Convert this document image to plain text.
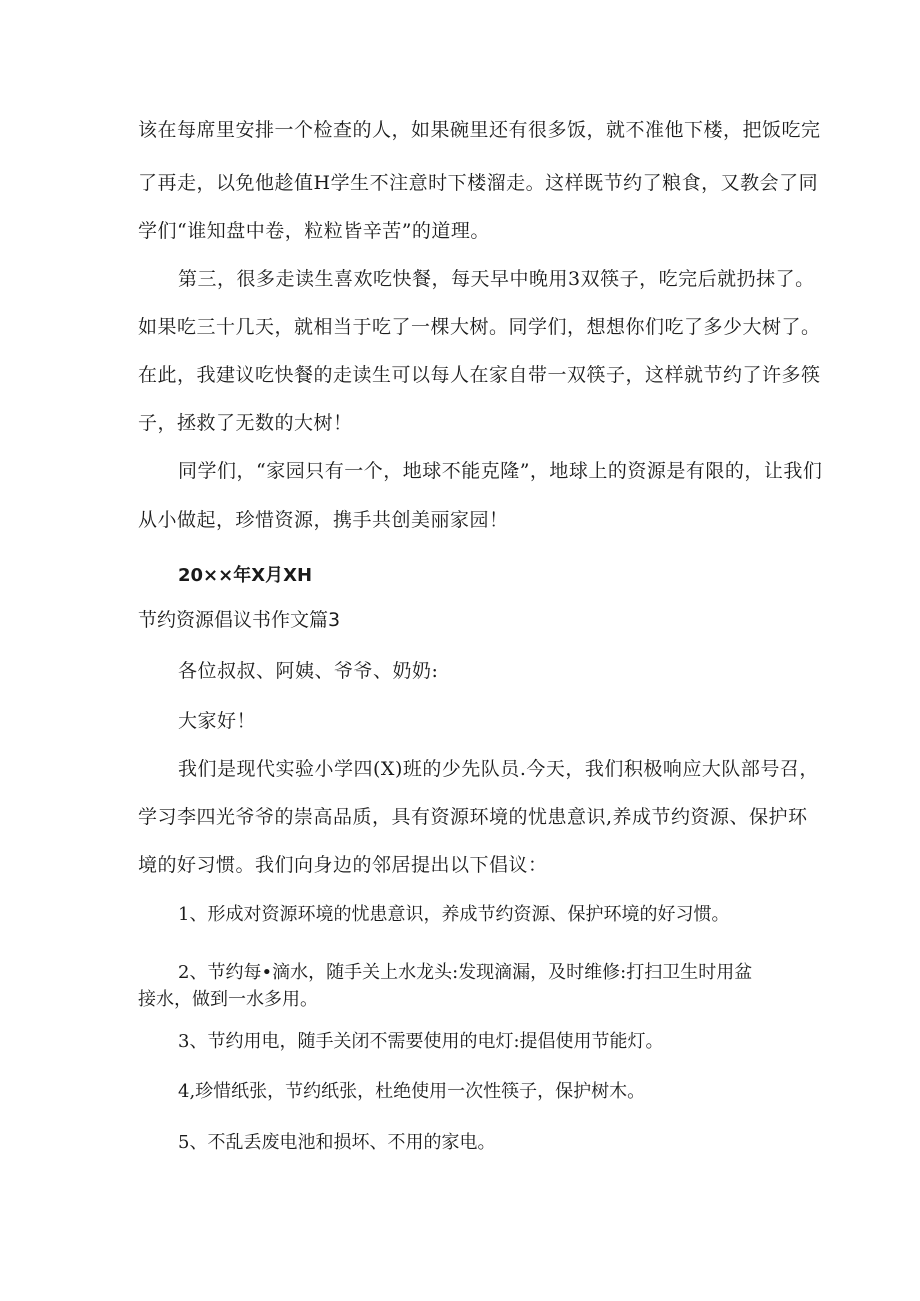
该在每席里安排一个检查的人，如果碗里还有很多饭，就不准他下楼，把饭吃完
了再走，以免他趁值H学生不注意时下楼溜走。这样既节约了粮食，又教会了同
学们“谁知盘中卷，粒粒皆辛苦”的道理。
第三，很多走读生喜欢吃快餐，每天早中晚用3双筷子，吃完后就扔抹了。
如果吃三十几天，就相当于吃了一棵大树。同学们，想想你们吃了多少大树了。
在此，我建议吃快餐的走读生可以每人在家自带一双筷子，这样就节约了许多筷
子，拯救了无数的大树！
同学们，“家园只有一个，地球不能克隆”，地球上的资源是有限的，让我们
从小做起，珍惜资源，携手共创美丽家园！
20××年X月XH
节约资源倡议书作文篇3
各位叔叔、阿姨、爷爷、奶奶:
大家好！
我们是现代实验小学四(X)班的少先队员.今天，我们积极响应大队部号召，
学习李四光爷爷的崇高品质，具有资源环境的忧患意识,养成节约资源、保护环
境的好习惯。我们向身边的邻居提出以下倡议：
1、形成对资源环境的忧患意识，养成节约资源、保护环境的好习惯。
2、节约每•滴水，随手关上水龙头:发现滴漏，及时维修:打扫卫生时用盆
接水，做到一水多用。
3、节约用电，随手关闭不需要使用的电灯:提倡使用节能灯。
4,珍惜纸张，节约纸张，杜绝使用一次性筷子，保护树木。
5、不乱丢废电池和损坏、不用的家电。
